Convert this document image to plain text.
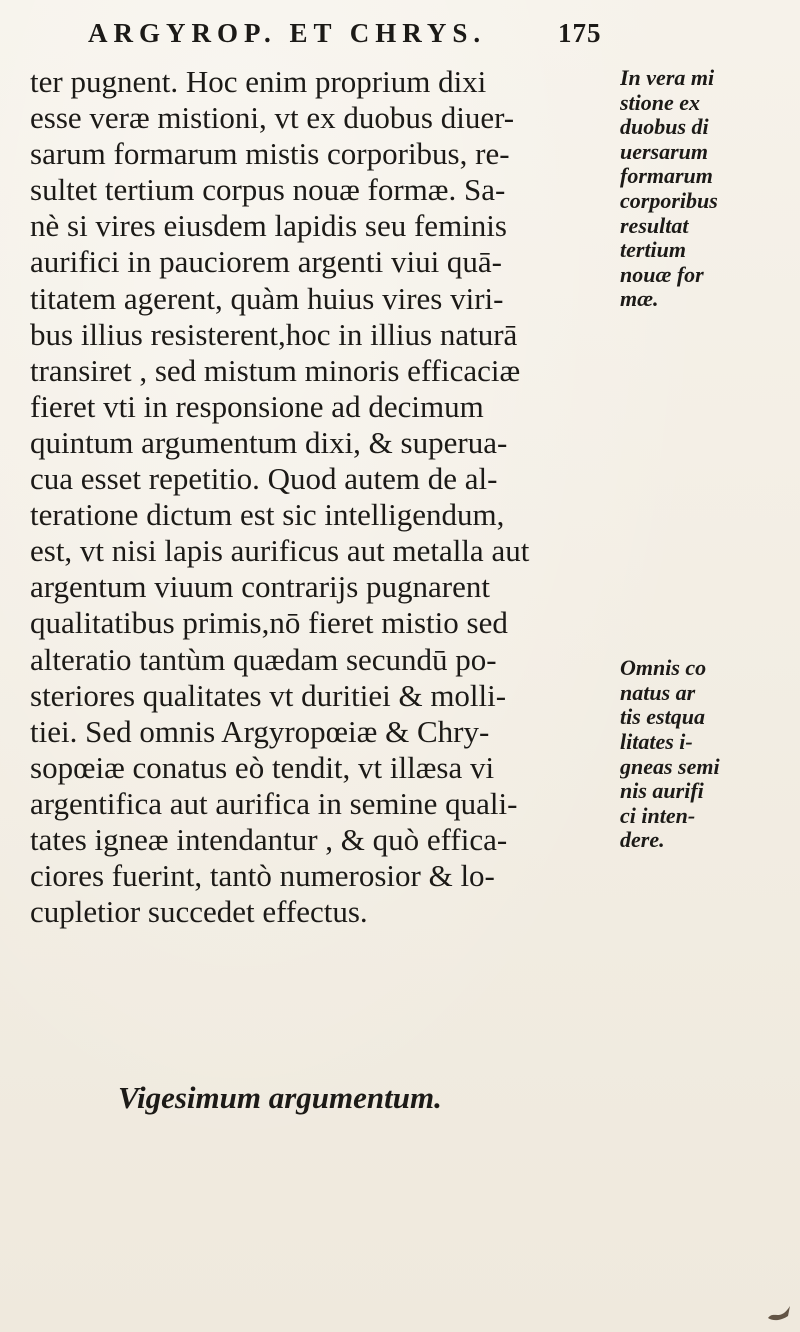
ARGYROP. ET CHRYS.	175
ter pugnent. Hoc enim proprium dixi
esse veræ mistioni, vt ex duobus diuer-
sarum formarum mistis corporibus, re-
sultet tertium corpus nouæ formæ. Sa-
nè si vires eiusdem lapidis seu feminis
aurifici in pauciorem argenti viui quā-
titatem agerent, quàm huius vires viri-
bus illius resisterent,hoc in illius naturā
transiret , sed mistum minoris efficaciæ
fieret vti in responsione ad decimum
quintum argumentum dixi, & superua-
cua esset repetitio. Quod autem de al-
teratione dictum est sic intelligendum,
est, vt nisi lapis aurificus aut metalla aut
argentum viuum contrarijs pugnarent
qualitatibus primis,nō fieret mistio sed
alteratio tantùm quædam secundū po-
steriores qualitates vt duritiei & molli-
tiei. Sed omnis Argyropœiæ & Chry-
sopœiæ conatus eò tendit, vt illæsa vi
argentifica aut aurifica in semine quali-
tates igneæ intendantur , & quò effica-
ciores fuerint, tantò numerosior & lo-
cupletior succedet effectus.
In vera mi
stione ex
duobus di
uersarum
formarum
corporibus
resultat
tertium
nouæ for
mæ.
Omnis co
natus ar
tis estqua
litates i-
gneas semi
nis aurifi
ci inten-
dere.
Vigesimum argumentum.
